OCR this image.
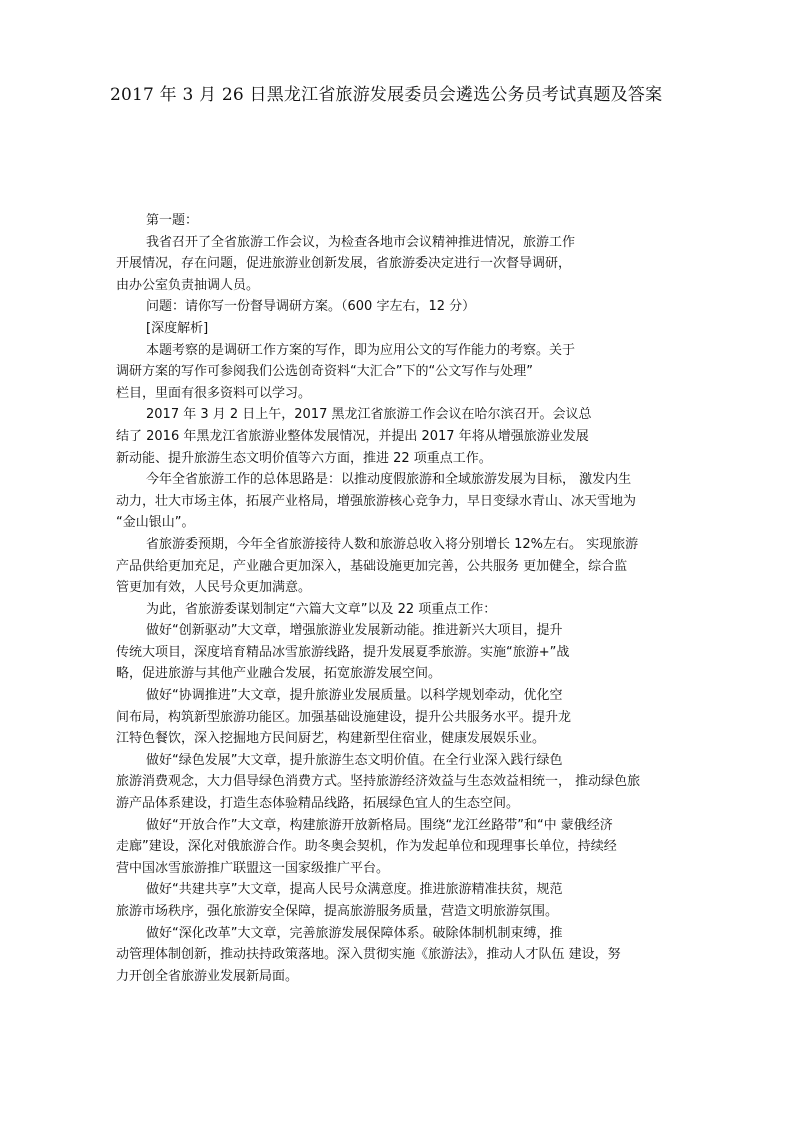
2017 年 3 月 26 日黑龙江省旅游发展委员会遴选公务员考试真题及答案

第一题：

我省召开了全省旅游工作会议，为检查各地市会议精神推进情况，旅游工作

开展情况，存在问题，促进旅游业创新发展，省旅游委决定进行一次督导调研，

由办公室负责抽调人员。

问题：请你写一份督导调研方案。（600 字左右，12 分）

[深度解析]

本题考察的是调研工作方案的写作，即为应用公文的写作能力的考察。关于

调研方案的写作可参阅我们公选创奇资料“大汇合”下的“公文写作与处理”

栏目，里面有很多资料可以学习。

2017 年 3 月 2 日上午，2017 黑龙江省旅游工作会议在哈尔滨召开。会议总

结了 2016 年黑龙江省旅游业整体发展情况，并提出 2017 年将从增强旅游业发展

新动能、提升旅游生态文明价值等六方面，推进 22 项重点工作。

今年全省旅游工作的总体思路是：以推动度假旅游和全域旅游发展为目标， 激发内生

动力，壮大市场主体，拓展产业格局，增强旅游核心竞争力，早日变绿水青山、冰天雪地为

“金山银山”。

省旅游委预期，今年全省旅游接待人数和旅游总收入将分别增长 12%左右。 实现旅游

产品供给更加充足，产业融合更加深入，基础设施更加完善，公共服务 更加健全，综合监

管更加有效，人民号众更加满意。

为此，省旅游委谋划制定“六篇大文章”以及 22 项重点工作：

做好“创新驱动”大文章，增强旅游业发展新动能。推进新兴大项目，提升

传统大项目，深度培育精品冰雪旅游线路，提升发展夏季旅游。实施“旅游+”战

略，促进旅游与其他产业融合发展，拓宽旅游发展空间。

做好“协调推进”大文章，提升旅游业发展质量。以科学规划牵动，优化空

间布局，构筑新型旅游功能区。加强基础设施建设，提升公共服务水平。提升龙

江特色餐饮，深入挖掘地方民间厨艺，构建新型住宿业，健康发展娱乐业。

做好“绿色发展”大文章，提升旅游生态文明价值。在全行业深入践行绿色

旅游消费观念，大力倡导绿色消费方式。坚持旅游经济效益与生态效益相统一， 推动绿色旅

游产品体系建设，打造生态体验精品线路，拓展绿色宜人的生态空间。

做好“开放合作”大文章，构建旅游开放新格局。围绕“龙江丝路带”和“中 蒙俄经济

走廊”建设，深化对俄旅游合作。助冬奥会契机，作为发起单位和现理事长单位，持续经

营中国冰雪旅游推广联盟这一国家级推广平台。

做好“共建共享”大文章，提高人民号众满意度。推进旅游精准扶贫，规范

旅游市场秩序，强化旅游安全保障，提高旅游服务质量，营造文明旅游氛围。

做好“深化改革”大文章，完善旅游发展保障体系。破除体制机制束缚，推

动管理体制创新，推动扶持政策落地。深入贯彻实施《旅游法》，推动人才队伍 建设，努

力开创全省旅游业发展新局面。
